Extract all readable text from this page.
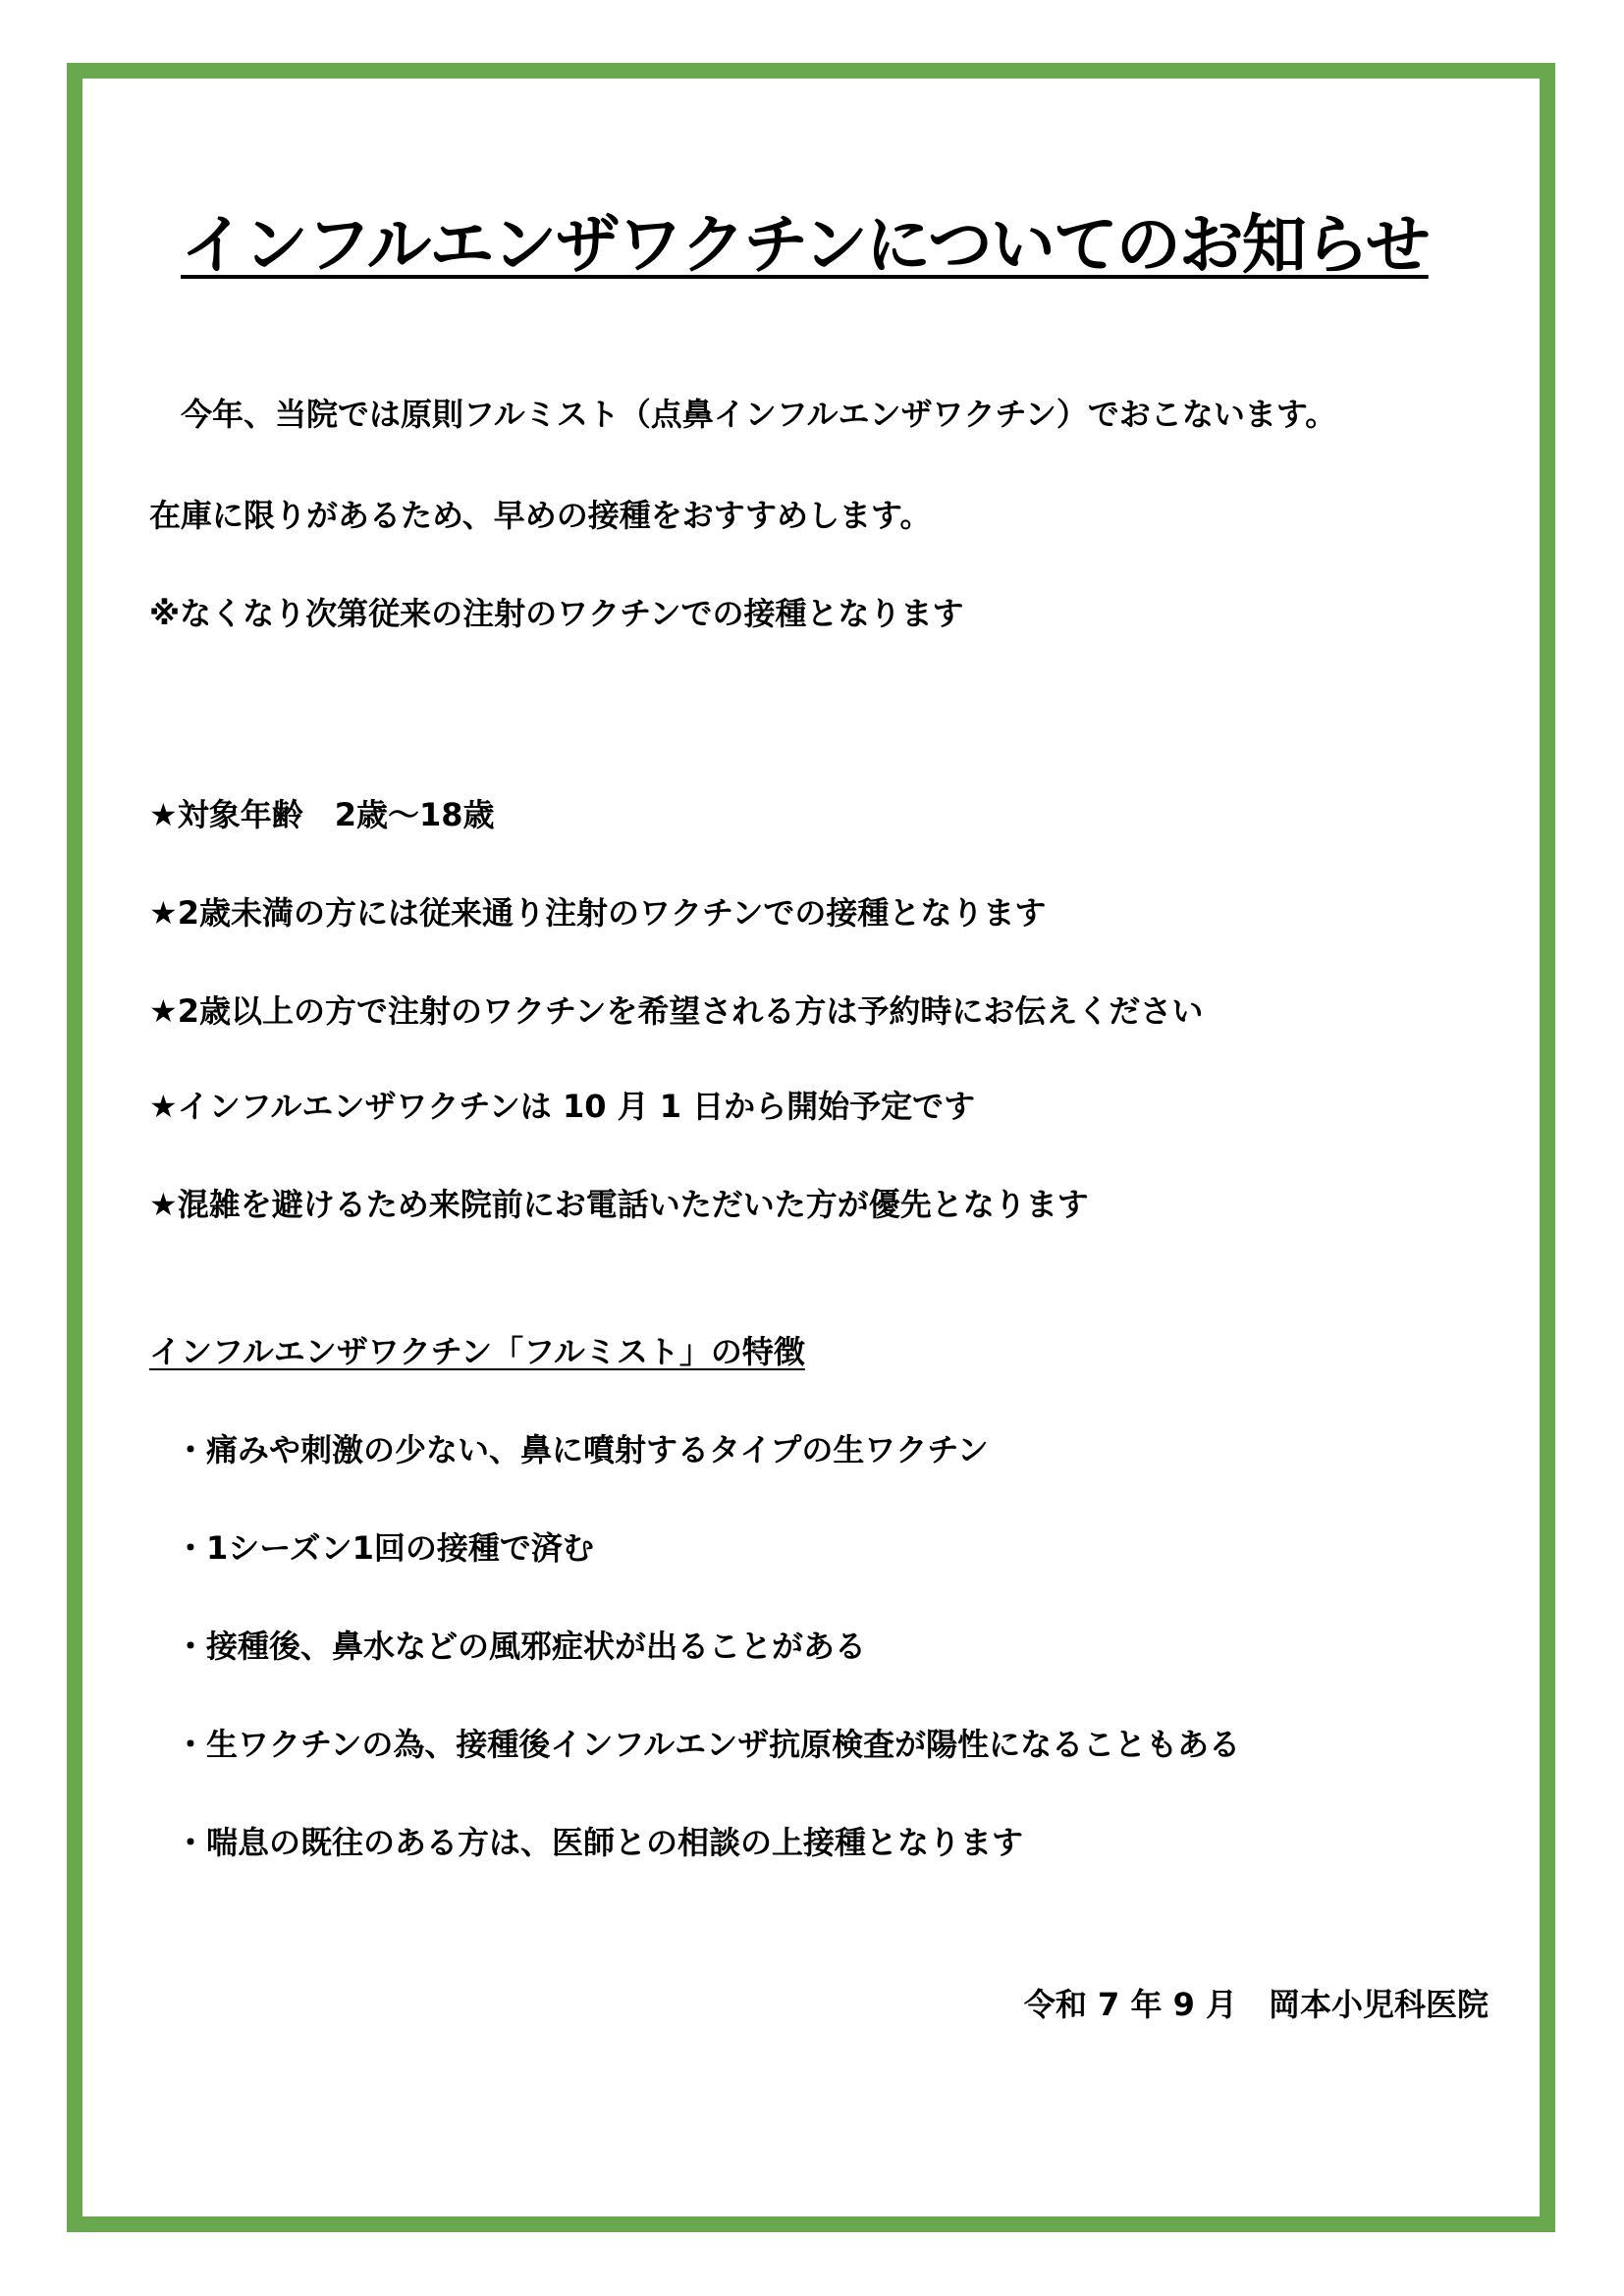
インフルエンザワクチンについてのお知らせ

　今年、当院では原則フルミスト（点鼻インフルエンザワクチン）でおこないます。

在庫に限りがあるため、早めの接種をおすすめします。

※なくなり次第従来の注射のワクチンでの接種となります

★対象年齢　2歳～18歳

★2歳未満の方には従来通り注射のワクチンでの接種となります

★2歳以上の方で注射のワクチンを希望される方は予約時にお伝えください

★インフルエンザワクチンは 10 月 1 日から開始予定です

★混雑を避けるため来院前にお電話いただいた方が優先となります

インフルエンザワクチン「フルミスト」の特徴

・痛みや刺激の少ない、鼻に噴射するタイプの生ワクチン

・1シーズン1回の接種で済む

・接種後、鼻水などの風邪症状が出ることがある

・生ワクチンの為、接種後インフルエンザ抗原検査が陽性になることもある

・喘息の既往のある方は、医師との相談の上接種となります

令和 7 年 9 月　岡本小児科医院
